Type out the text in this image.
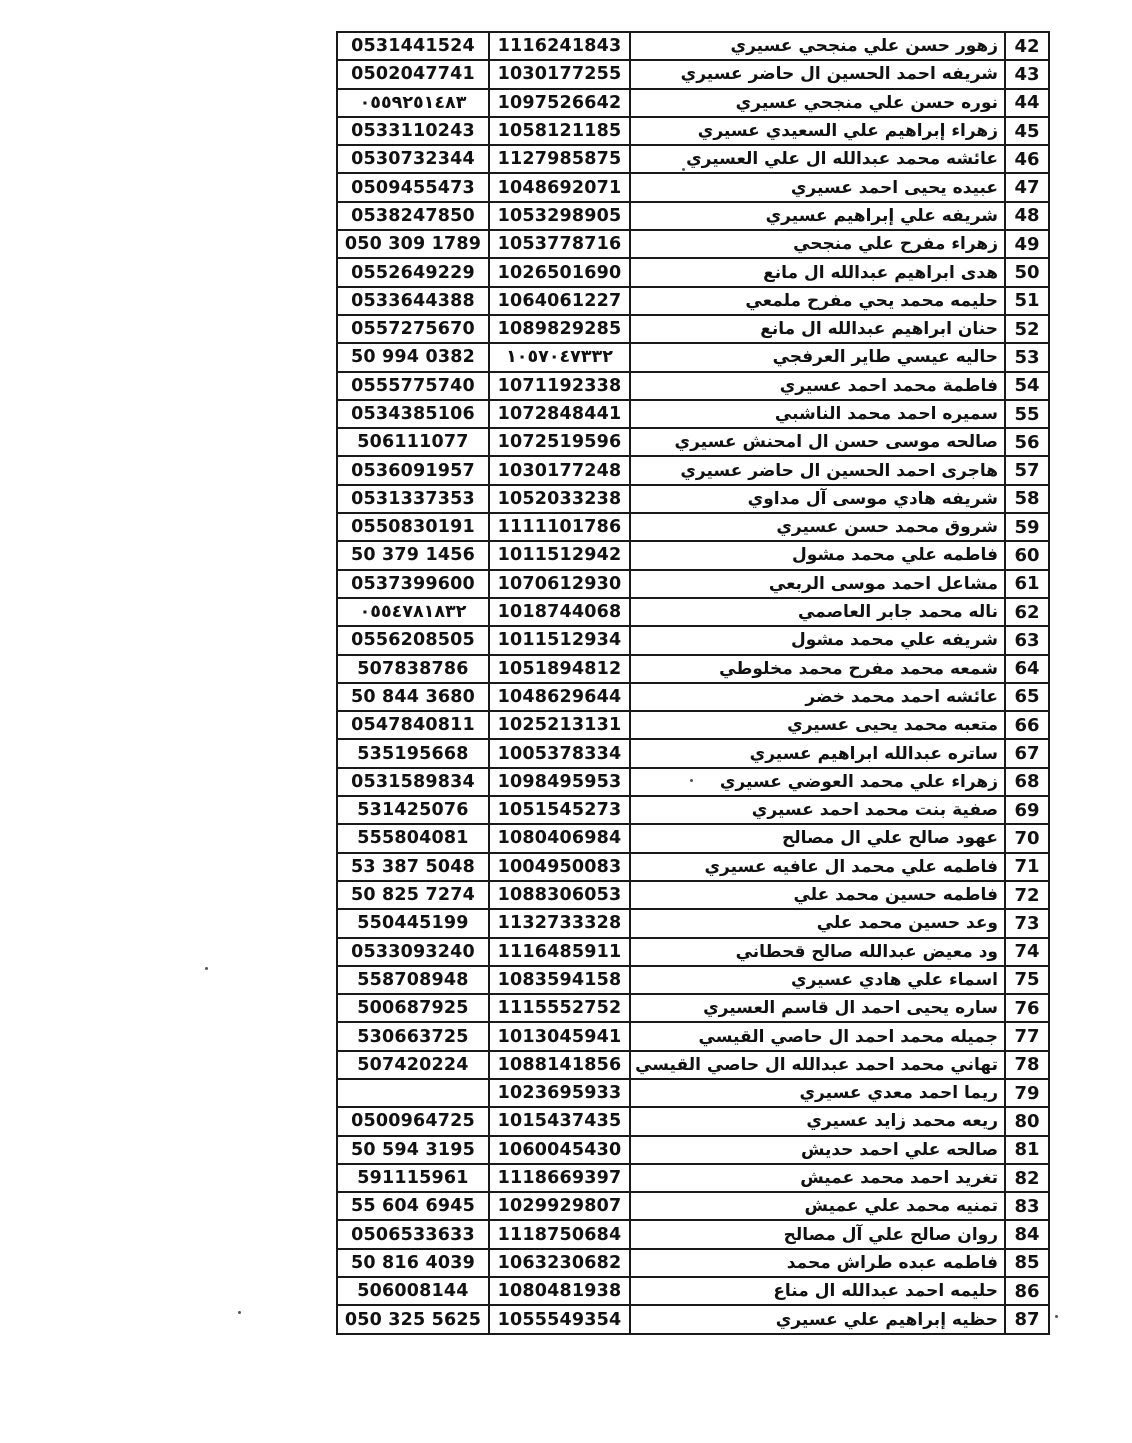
0531441524	1116241843	زهور حسن علي منجحي عسيري	42
0502047741	1030177255	شريفه احمد الحسين ال حاضر عسيري	43
٠٥٥٩٢٥١٤٨٣	1097526642	نوره حسن علي منجحي عسيري	44
0533110243	1058121185	زهراء إبراهيم علي السعيدي عسيري	45
0530732344	1127985875	عائشه محمد عبدالله ال علي العسيري	46
0509455473	1048692071	عبيده يحيى احمد عسيري	47
0538247850	1053298905	شريفه علي إبراهيم عسيري	48
050 309 1789	1053778716	زهراء مفرح علي منجحي	49
0552649229	1026501690	هدى ابراهيم عبدالله ال مانع	50
0533644388	1064061227	حليمه محمد يحي مفرح ملمعي	51
0557275670	1089829285	حنان ابراهيم عبدالله ال مانع	52
50 994 0382	١٠٥٧٠٤٧٣٣٢	حاليه عيسي طاير العرفجي	53
0555775740	1071192338	فاطمة محمد احمد عسيري	54
0534385106	1072848441	سميره احمد محمد الناشبي	55
506111077	1072519596	صالحه موسى حسن ال امحنش عسيري	56
0536091957	1030177248	هاجرى احمد الحسين ال حاضر عسيري	57
0531337353	1052033238	شريفه هادي موسى آل مداوي	58
0550830191	1111101786	شروق محمد حسن عسيري	59
50 379 1456	1011512942	فاطمه علي محمد مشول	60
0537399600	1070612930	مشاعل احمد موسى الربعي	61
٠٥٥٤٧٨١٨٣٢	1018744068	ناله محمد جابر العاصمي	62
0556208505	1011512934	شريفه علي محمد مشول	63
507838786	1051894812	شمعه محمد مفرح محمد مخلوطي	64
50 844 3680	1048629644	عائشه احمد محمد خضر	65
0547840811	1025213131	متعبه محمد يحيى عسيري	66
535195668	1005378334	ساتره عبدالله ابراهيم عسيري	67
0531589834	1098495953	زهراء علي محمد العوضي عسيري	68
531425076	1051545273	صفية بنت محمد احمد عسيري	69
555804081	1080406984	عهود صالح علي ال مصالح	70
53 387 5048	1004950083	فاطمه علي محمد ال عافيه عسيري	71
50 825 7274	1088306053	فاطمه حسين محمد علي	72
550445199	1132733328	وعد حسين محمد علي	73
0533093240	1116485911	ود معيض عبدالله صالح قحطاني	74
558708948	1083594158	اسماء علي هادي عسيري	75
500687925	1115552752	ساره يحيى احمد ال قاسم العسيري	76
530663725	1013045941	جميله محمد احمد ال حاصي القيسي	77
507420224	1088141856	تهاني محمد احمد عبدالله ال حاصي القيسي	78
	1023695933	ريما احمد معدي عسيري	79
0500964725	1015437435	ريعه محمد زايد عسيري	80
50 594 3195	1060045430	صالحه علي احمد حديش	81
591115961	1118669397	تغريد احمد محمد عميش	82
55 604 6945	1029929807	تمنيه محمد علي عميش	83
0506533633	1118750684	روان صالح علي آل مصالح	84
50 816 4039	1063230682	فاطمه عبده طراش محمد	85
506008144	1080481938	حليمه احمد عبدالله ال مناع	86
050 325 5625	1055549354	حظيه إبراهيم علي عسيري	87
